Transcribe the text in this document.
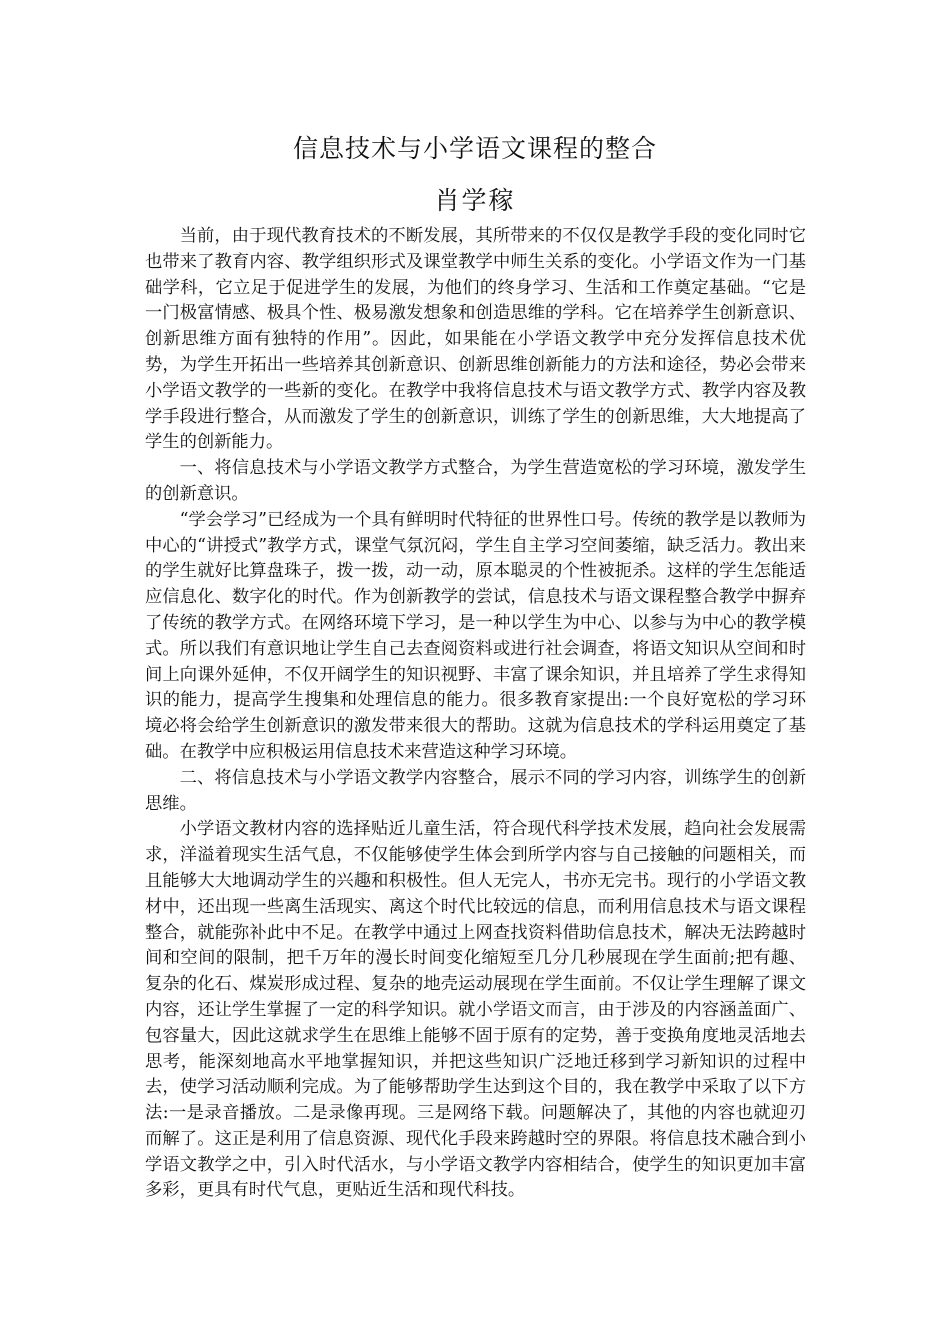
信息技术与小学语文课程的整合
肖学稼

当前，由于现代教育技术的不断发展，其所带来的不仅仅是教学手段的变化同时它也带来了教育内容、教学组织形式及课堂教学中师生关系的变化。小学语文作为一门基础学科，它立足于促进学生的发展，为他们的终身学习、生活和工作奠定基础。“它是一门极富情感、极具个性、极易激发想象和创造思维的学科。它在培养学生创新意识、创新思维方面有独特的作用”。因此，如果能在小学语文教学中充分发挥信息技术优势，为学生开拓出一些培养其创新意识、创新思维创新能力的方法和途径，势必会带来小学语文教学的一些新的变化。在教学中我将信息技术与语文教学方式、教学内容及教学手段进行整合，从而激发了学生的创新意识，训练了学生的创新思维，大大地提高了学生的创新能力。

一、将信息技术与小学语文教学方式整合，为学生营造宽松的学习环境，激发学生的创新意识。

“学会学习”已经成为一个具有鲜明时代特征的世界性口号。传统的教学是以教师为中心的“讲授式”教学方式，课堂气氛沉闷，学生自主学习空间萎缩，缺乏活力。教出来的学生就好比算盘珠子，拨一拨，动一动，原本聪灵的个性被扼杀。这样的学生怎能适应信息化、数字化的时代。作为创新教学的尝试，信息技术与语文课程整合教学中摒弃了传统的教学方式。在网络环境下学习，是一种以学生为中心、以参与为中心的教学模式。所以我们有意识地让学生自己去查阅资料或进行社会调查，将语文知识从空间和时间上向课外延伸，不仅开阔学生的知识视野、丰富了课余知识，并且培养了学生求得知识的能力，提高学生搜集和处理信息的能力。很多教育家提出:一个良好宽松的学习环境必将会给学生创新意识的激发带来很大的帮助。这就为信息技术的学科运用奠定了基础。在教学中应积极运用信息技术来营造这种学习环境。

二、将信息技术与小学语文教学内容整合，展示不同的学习内容，训练学生的创新思维。

小学语文教材内容的选择贴近儿童生活，符合现代科学技术发展，趋向社会发展需求，洋溢着现实生活气息，不仅能够使学生体会到所学内容与自己接触的问题相关，而且能够大大地调动学生的兴趣和积极性。但人无完人，书亦无完书。现行的小学语文教材中，还出现一些离生活现实、离这个时代比较远的信息，而利用信息技术与语文课程整合，就能弥补此中不足。在教学中通过上网查找资料借助信息技术，解决无法跨越时间和空间的限制，把千万年的漫长时间变化缩短至几分几秒展现在学生面前;把有趣、复杂的化石、煤炭形成过程、复杂的地壳运动展现在学生面前。不仅让学生理解了课文内容，还让学生掌握了一定的科学知识。就小学语文而言，由于涉及的内容涵盖面广、包容量大，因此这就求学生在思维上能够不固于原有的定势，善于变换角度地灵活地去思考，能深刻地高水平地掌握知识，并把这些知识广泛地迁移到学习新知识的过程中去，使学习活动顺利完成。为了能够帮助学生达到这个目的，我在教学中采取了以下方法:一是录音播放。二是录像再现。三是网络下载。问题解决了，其他的内容也就迎刃而解了。这正是利用了信息资源、现代化手段来跨越时空的界限。将信息技术融合到小学语文教学之中，引入时代活水，与小学语文教学内容相结合，使学生的知识更加丰富多彩，更具有时代气息，更贴近生活和现代科技。
